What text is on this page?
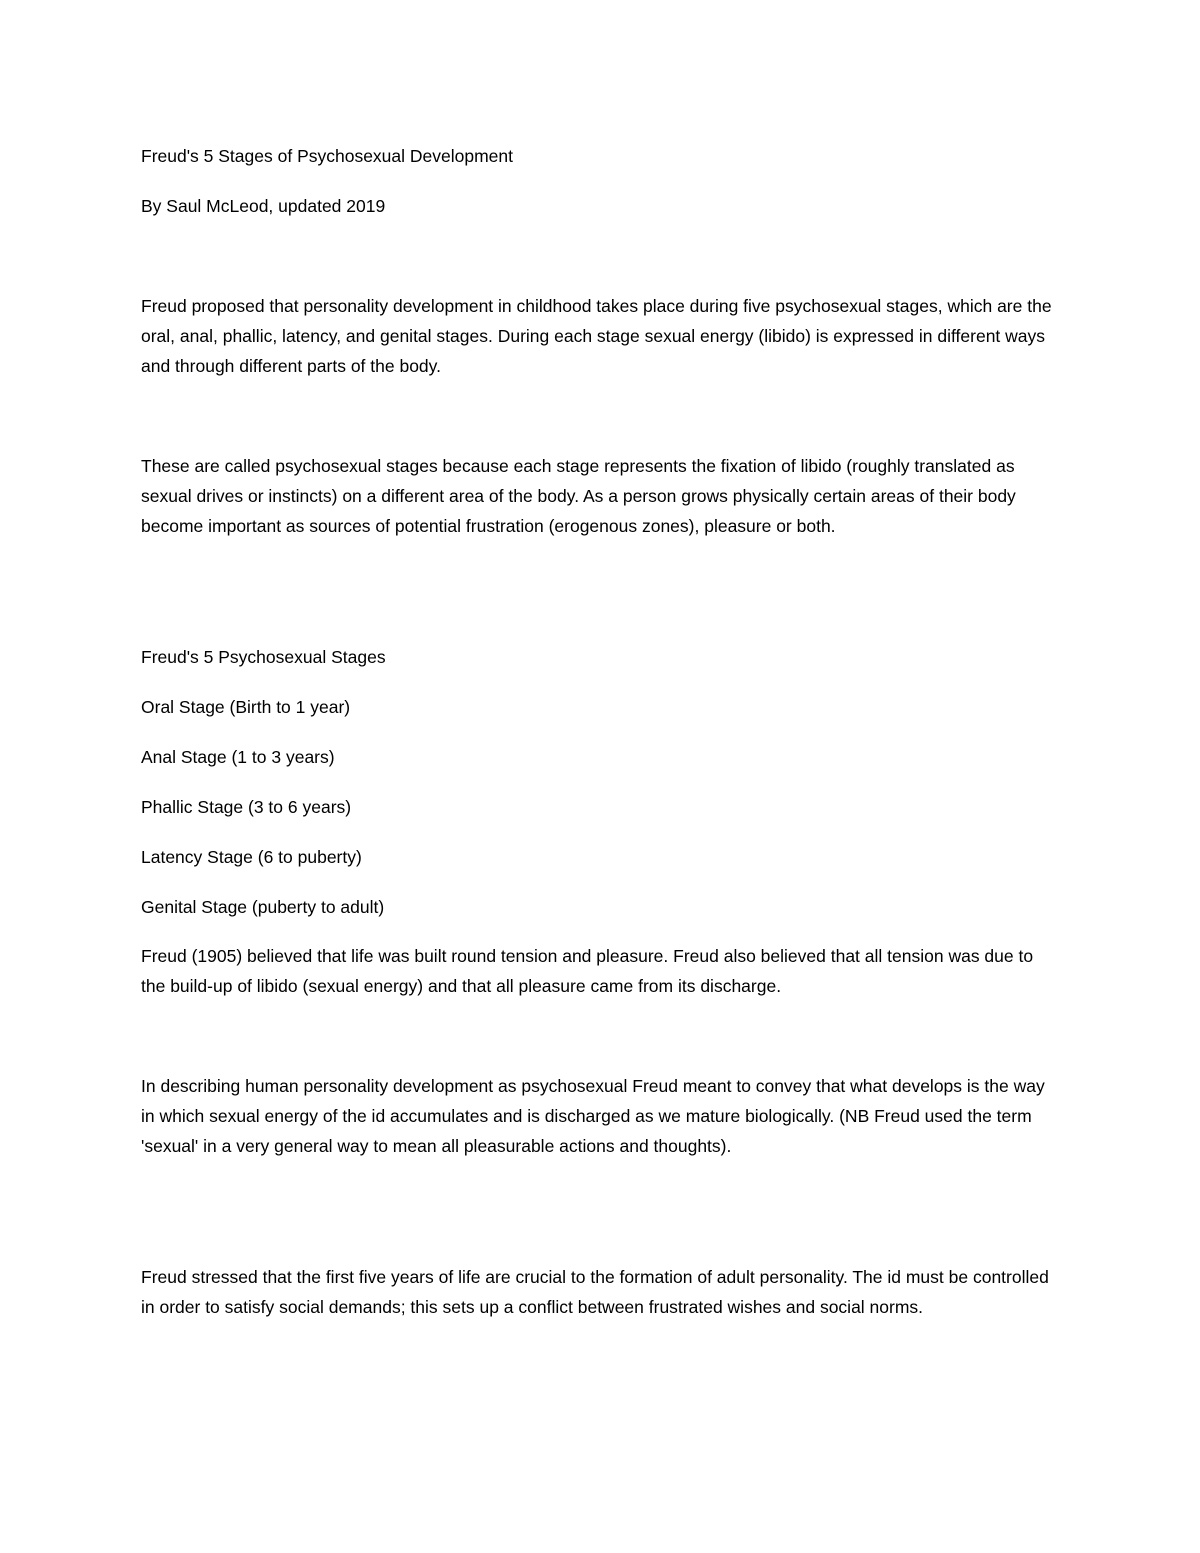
Freud's 5 Stages of Psychosexual Development

By Saul McLeod, updated 2019

Freud proposed that personality development in childhood takes place during five psychosexual stages, which are the oral, anal, phallic, latency, and genital stages. During each stage sexual energy (libido) is expressed in different ways and through different parts of the body.

These are called psychosexual stages because each stage represents the fixation of libido (roughly translated as sexual drives or instincts) on a different area of the body. As a person grows physically certain areas of their body become important as sources of potential frustration (erogenous zones), pleasure or both.

Freud's 5 Psychosexual Stages

Oral Stage (Birth to 1 year)

Anal Stage (1 to 3 years)

Phallic Stage (3 to 6 years)

Latency Stage (6 to puberty)

Genital Stage (puberty to adult)

Freud (1905) believed that life was built round tension and pleasure. Freud also believed that all tension was due to the build-up of libido (sexual energy) and that all pleasure came from its discharge.

In describing human personality development as psychosexual Freud meant to convey that what develops is the way in which sexual energy of the id accumulates and is discharged as we mature biologically. (NB Freud used the term 'sexual' in a very general way to mean all pleasurable actions and thoughts).

Freud stressed that the first five years of life are crucial to the formation of adult personality. The id must be controlled in order to satisfy social demands; this sets up a conflict between frustrated wishes and social norms.
